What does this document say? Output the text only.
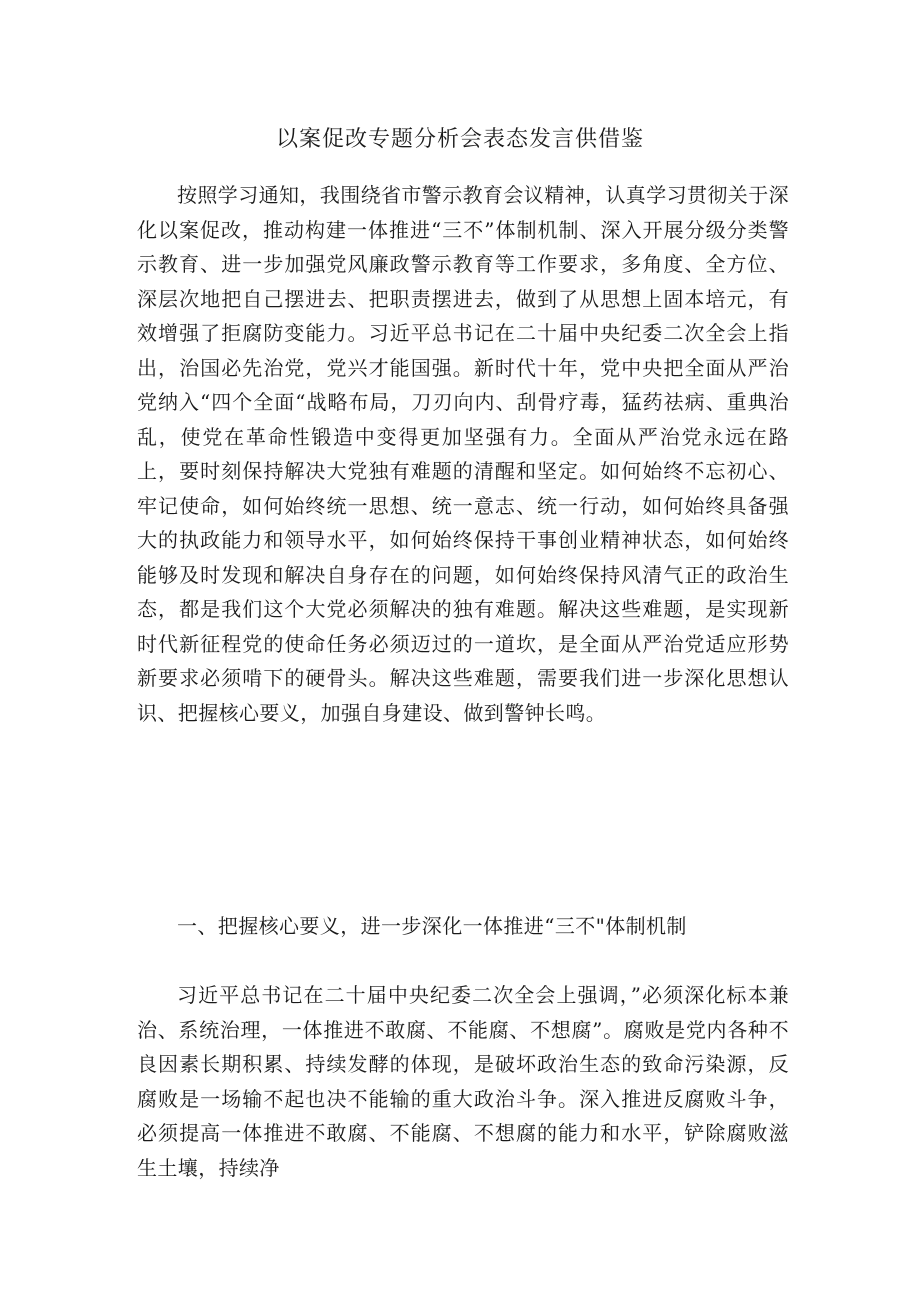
以案促改专题分析会表态发言供借鉴

按照学习通知，我围绕省市警示教育会议精神，认真学习贯彻关于深化以案促改，推动构建一体推进“三不”体制机制、深入开展分级分类警示教育、进一步加强党风廉政警示教育等工作要求，多角度、全方位、深层次地把自己摆进去、把职责摆进去，做到了从思想上固本培元，有效增强了拒腐防变能力。习近平总书记在二十届中央纪委二次全会上指出，治国必先治党，党兴才能国强。新时代十年，党中央把全面从严治党纳入“四个全面“战略布局，刀刃向内、刮骨疗毒，猛药祛病、重典治乱，使党在革命性锻造中变得更加坚强有力。全面从严治党永远在路上，要时刻保持解决大党独有难题的清醒和坚定。如何始终不忘初心、牢记使命，如何始终统一思想、统一意志、统一行动，如何始终具备强大的执政能力和领导水平，如何始终保持干事创业精神状态，如何始终能够及时发现和解决自身存在的问题，如何始终保持风清气正的政治生态，都是我们这个大党必须解决的独有难题。解决这些难题，是实现新时代新征程党的使命任务必须迈过的一道坎，是全面从严治党适应形势新要求必须啃下的硬骨头。解决这些难题，需要我们进一步深化思想认识、把握核心要义，加强自身建设、做到警钟长鸣。

一、把握核心要义，进一步深化一体推进“三不"体制机制

习近平总书记在二十届中央纪委二次全会上强调，”必须深化标本兼治、系统治理，一体推进不敢腐、不能腐、不想腐”。腐败是党内各种不良因素长期积累、持续发酵的体现，是破坏政治生态的致命污染源，反腐败是一场输不起也决不能输的重大政治斗争。深入推进反腐败斗争，必须提高一体推进不敢腐、不能腐、不想腐的能力和水平，铲除腐败滋生土壤，持续净
